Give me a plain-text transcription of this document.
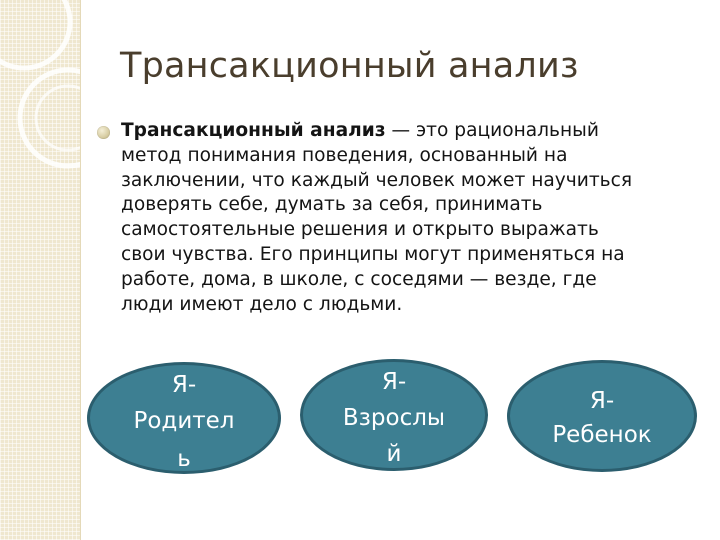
Трансакционный анализ
Трансакционный анализ — это рациональный
метод понимания поведения, основанный на
заключении, что каждый человек может научиться
доверять себе, думать за себя, принимать
самостоятельные решения и открыто выражать
свои чувства. Его принципы могут применяться на
работе, дома, в школе, с соседями — везде, где
люди имеют дело с людьми.
Я-
Родител
ь
Я-
Взрослы
й
Я-
Ребенок
